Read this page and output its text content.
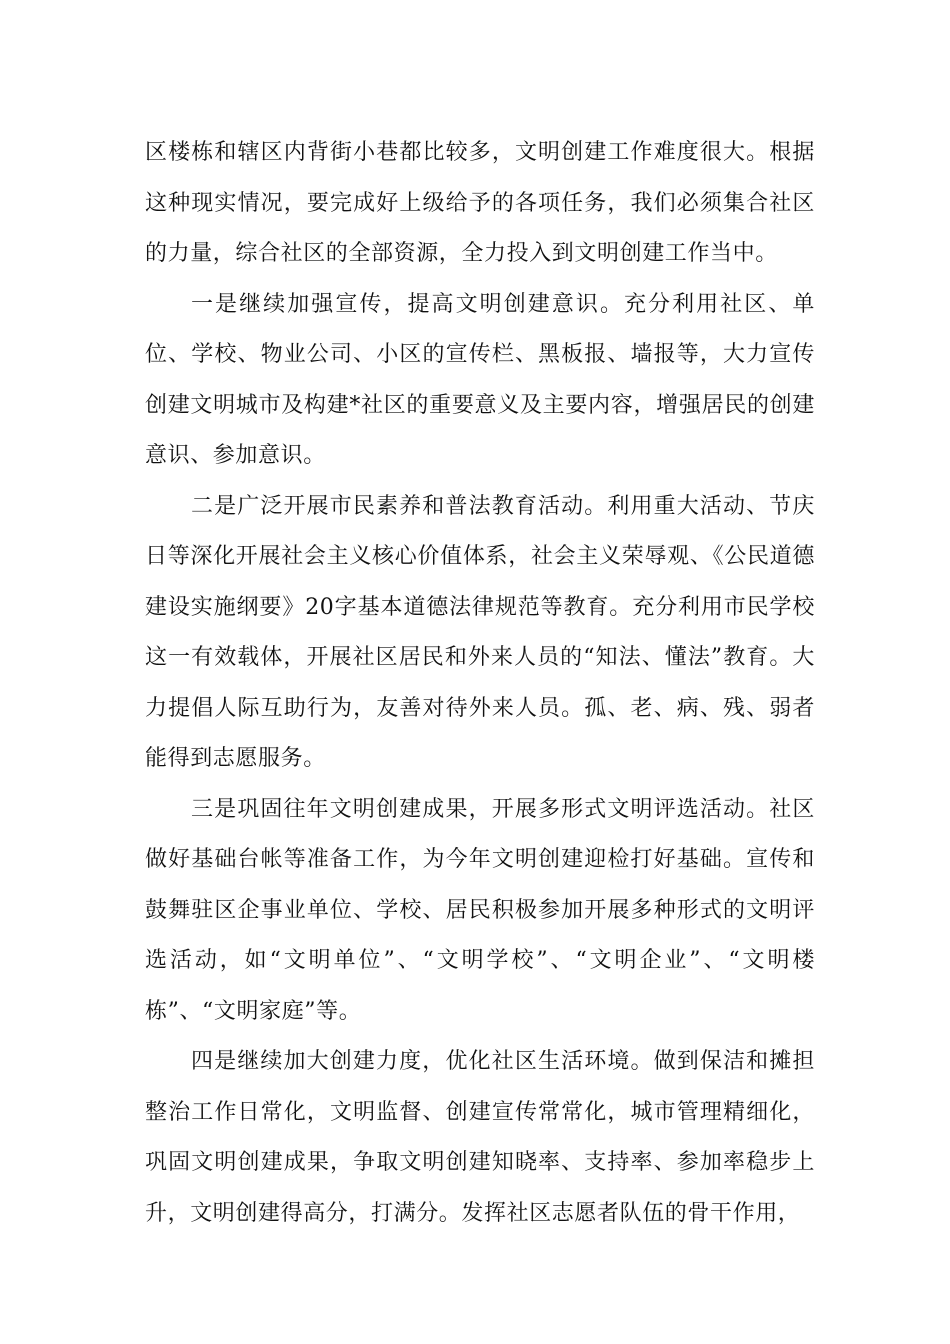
区楼栋和辖区内背街小巷都比较多，文明创建工作难度很大。根据这种现实情况，要完成好上级给予的各项任务，我们必须集合社区的力量，综合社区的全部资源，全力投入到文明创建工作当中。

一是继续加强宣传，提高文明创建意识。充分利用社区、单位、学校、物业公司、小区的宣传栏、黑板报、墙报等，大力宣传创建文明城市及构建*社区的重要意义及主要内容，增强居民的创建意识、参加意识。

二是广泛开展市民素养和普法教育活动。利用重大活动、节庆日等深化开展社会主义核心价值体系，社会主义荣辱观、《公民道德建设实施纲要》20字基本道德法律规范等教育。充分利用市民学校这一有效载体，开展社区居民和外来人员的“知法、懂法”教育。大力提倡人际互助行为，友善对待外来人员。孤、老、病、残、弱者能得到志愿服务。

三是巩固往年文明创建成果，开展多形式文明评选活动。社区做好基础台帐等准备工作，为今年文明创建迎检打好基础。宣传和鼓舞驻区企事业单位、学校、居民积极参加开展多种形式的文明评选活动，如“文明单位”、“文明学校”、“文明企业”、“文明楼栋”、“文明家庭”等。

四是继续加大创建力度，优化社区生活环境。做到保洁和摊担整治工作日常化，文明监督、创建宣传常常化，城市管理精细化，巩固文明创建成果，争取文明创建知晓率、支持率、参加率稳步上升，文明创建得高分，打满分。发挥社区志愿者队伍的骨干作用，
